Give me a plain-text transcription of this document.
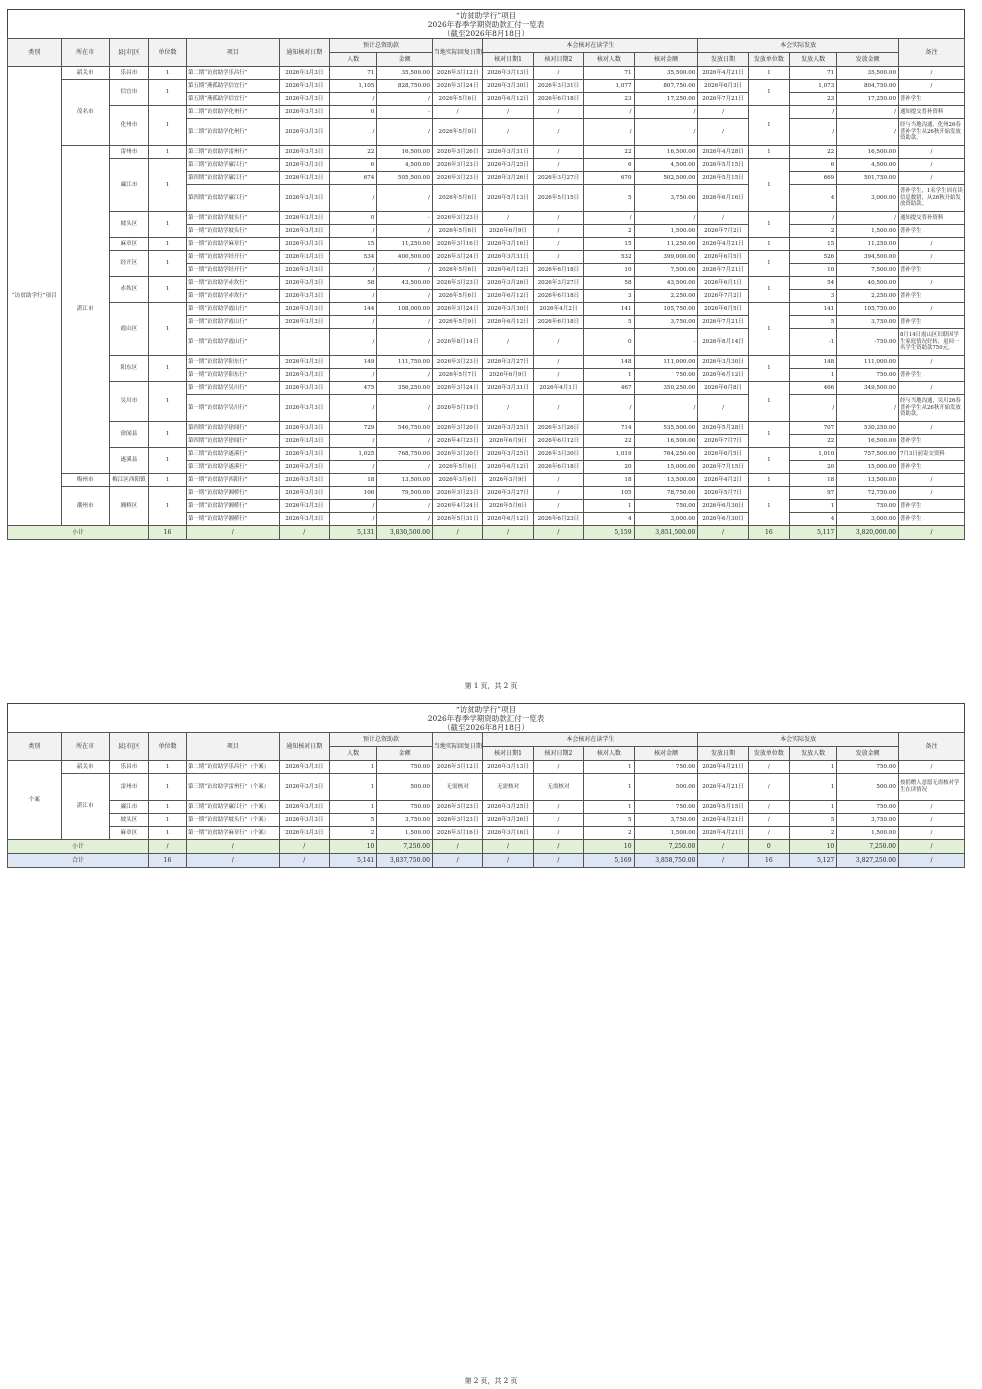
“访贫助学行”项目
2026年春季学期资助款汇付一览表
（截至2026年8月18日）
类别	所在市	县|市|区	单位数	项目	通知核对日期	预计总资助款		当地实际回复日期	本会核对在读学生				本会实际发放				备注
						人数	金额		核对日期1	核对日期2	核对人数	核对金额	发放日期	发放单位数	发放人数	发放金额	
“访贫助学行”项目	韶关市	乐昌市	1	第二期“访贫助学乐昌行”	2026年3月3日	71	35,500.00	2026年3月12日	2026年3月13日	/	71	35,500.00	2026年4月21日	1	71	35,500.00	/
	茂名市	信宜市	1	第五期“燕孤助学信宜行”	2026年3月3日	1,105	828,750.00	2026年3月24日	2026年3月30日	2026年3月31日	1,077	807,750.00	2026年6月3日	1	1,073	804,750.00	/
				第五期“燕孤助学信宜行”	2026年3月3日	/	/	2026年5月6日	2026年6月12日	2026年6月18日	23	17,250.00	2026年7月21日		23	17,250.00	普补学生
		化州市	1	第二期“访贫助学化州行”	2026年3月3日	0	-	/	/	/	/	/	/	1	/	/	通知提交普补资料
				第二期“访贫助学化州行”	2026年3月3日	/	/	2026年5月9日	/	/	/	/	/		/	/	经与当地沟通，化州26春普补学生从26秋开始发放资助款。
	湛江市	雷州市	1	第三期“访贫助学雷州行”	2026年3月3日	22	16,500.00	2026年3月26日	2026年3月31日	/	22	16,500.00	2026年4月28日	1	22	16,500.00	/
		廉江市	1	第三期“访贫助学廉江行”	2026年3月3日	6	4,500.00	2026年3月23日	2026年3月25日	/	6	4,500.00	2026年5月15日	1	6	4,500.00	/
				第四期“访贫助学廉江行”	2026年3月3日	674	505,500.00	2026年3月23日	2026年3月26日	2026年3月27日	670	502,500.00	2026年5月15日		669	501,750.00	/
				第四期“访贫助学廉江行”	2026年3月3日	/	/	2026年5月6日	2026年5月13日	2026年5月15日	5	3,750.00	2026年6月16日		4	3,000.00	普补学生，1名学生因在读信息数错，从26秋开始发放资助款。
		坡头区	1	第一期“访贫助学坡头行”	2026年3月3日	0	-	2026年3月23日	/	/	/	/	/	1	/	/	通知提交普补资料
				第一期“访贫助学坡头行”	2026年3月3日	/	/	2026年5月6日	2026年6月9日	/	2	1,500.00	2026年7月2日		2	1,500.00	普补学生
		麻章区	1	第一期“访贫助学麻章行”	2026年3月3日	15	11,250.00	2026年3月16日	2026年3月16日	/	15	11,250.00	2026年4月21日	1	15	11,250.00	/
		经开区	1	第一期“访贫助学经开行”	2026年3月3日	534	400,500.00	2026年3月24日	2026年3月31日	/	532	399,000.00	2026年6月5日	1	526	394,500.00	/
				第一期“访贫助学经开行”	2026年3月3日	/	/	2026年5月6日	2026年6月12日	2026年6月18日	10	7,500.00	2026年7月21日		10	7,500.00	普补学生
		赤坎区	1	第一期“访贫助学赤坎行”	2026年3月3日	58	43,500.00	2026年3月23日	2026年3月26日	2026年3月27日	58	43,500.00	2026年6月1日	1	54	40,500.00	/
				第一期“访贫助学赤坎行”	2026年3月3日	/	/	2026年5月6日	2026年6月12日	2026年6月18日	3	2,250.00	2026年7月2日		3	2,250.00	普补学生
		霞山区	1	第一期“访贫助学霞山行”	2026年3月3日	144	108,000.00	2026年3月24日	2026年3月30日	2026年4月2日	141	105,750.00	2026年6月5日	1	141	105,750.00	/
				第一期“访贫助学霞山行”	2026年3月3日	/	/	2026年5月9日	2026年6月12日	2026年6月18日	5	3,750.00	2026年7月21日		5	3,750.00	普补学生
				第一期“访贫助学霞山行”		/	/	2026年8月14日	/	/	0	-	2026年8月14日		-1	-750.00	8月14日霞山区妇联因学生家庭情况好转，退回一名学生资助款750元。
		阳东区	1	第一期“访贫助学阳东行”	2026年3月3日	149	111,750.00	2026年3月23日	2026年3月27日	/	148	111,000.00	2026年3月30日	1	148	111,000.00	/
				第一期“访贫助学阳东行”	2026年3月3日	/	/	2026年5月7日	2026年6月9日	/	1	750.00	2026年6月12日		1	750.00	普补学生
		吴川市	1	第一期“访贫助学吴川行”	2026年3月3日	475	356,250.00	2026年3月24日	2026年3月31日	2026年4月1日	467	350,250.00	2026年6月8日	1	466	349,500.00	/
				第一期“访贫助学吴川行”	2026年3月3日	/	/	2026年5月19日	/	/	/	/	/		/	/	经与当地沟通，吴川26春普补学生从26秋开始发放资助款。
		徐闻县	1	第四期“访贫助学徐闻行”	2026年3月3日	729	546,750.00	2026年3月20日	2026年3月25日	2026年3月26日	714	535,500.00	2026年5月28日	1	707	530,250.00	/
				第四期“访贫助学徐闻行”	2026年3月3日	/	/	2026年4月23日	2026年6月9日	2026年6月12日	22	16,500.00	2026年7月7日		22	16,500.00	普补学生
		遂溪县	1	第三期“访贫助学遂溪行”	2026年3月3日	1,025	768,750.00	2026年3月20日	2026年3月25日	2026年3月30日	1,019	764,250.00	2026年6月5日	1	1,010	757,500.00	7月3日前寄交资料
				第三期“访贫助学遂溪行”	2026年3月3日	/	/	2026年5月6日	2026年6月12日	2026年6月18日	20	15,000.00	2026年7月15日		20	15,000.00	普补学生
	梅州市	梅江区西阳镇	1	第一期“访贫助学西阳行”	2026年3月3日	18	13,500.00	2026年3月6日	2026年3月9日	/	18	13,500.00	2026年4月2日	1	18	13,500.00	/
	潮州市	湘桥区	1	第一期“访贫助学湘桥行”	2026年3月3日	106	79,500.00	2026年3月23日	2026年3月27日	/	105	78,750.00	2026年5月7日	1	97	72,750.00	/
				第一期“访贫助学湘桥行”	2026年3月3日	/	/	2026年4月24日	2026年5月6日	/	1	750.00	2026年6月30日		1	750.00	普补学生
				第一期“访贫助学湘桥行”	2026年3月3日	/	/	2026年5月31日	2026年6月12日	2026年6月23日	4	3,000.00	2026年6月30日		4	3,000.00	普补学生
小计			16	/	/	5,131	3,830,500.00	/	/	/	5,159	3,851,500.00	/	16	5,117	3,820,000.00	/
第 1 页，共 2 页
“访贫助学行”项目
2026年春季学期资助款汇付一览表
（截至2026年8月18日）
类别	所在市	县|市|区	单位数	项目	通知核对日期	预计总资助款		当地实际回复日期	本会核对在读学生				本会实际发放				备注
						人数	金额		核对日期1	核对日期2	核对人数	核对金额	发放日期	发放单位数	发放人数	发放金额	
个案	韶关市	乐昌市	1	第二期“访贫助学乐昌行”（个案）	2026年3月3日	1	750.00	2026年3月12日	2026年3月13日	/	1	750.00	2026年4月21日	/	1	750.00	/
	湛江市	雷州市	1	第三期“访贫助学雷州行”（个案）	2026年3月3日	1	500.00	无需核对	无需核对	无需核对	1	500.00	2026年4月21日	/	1	500.00	按捐赠人意愿无需核对学生在读情况
		廉江市	1	第三期“访贫助学廉江行”（个案）	2026年3月3日	1	750.00	2026年3月23日	2026年3月25日	/	1	750.00	2026年5月15日	/	1	750.00	/
		坡头区	1	第一期“访贫助学坡头行”（个案）	2026年3月3日	5	3,750.00	2026年3月23日	2026年3月26日	/	5	3,750.00	2026年4月21日	/	5	3,750.00	/
		麻章区	1	第一期“访贫助学麻章行”（个案）	2026年3月3日	2	1,500.00	2026年3月16日	2026年3月16日	/	2	1,500.00	2026年4月21日	/	2	1,500.00	/
小计			/	/	/	10	7,250.00	/	/	/	10	7,250.00	/	0	10	7,250.00	/
合计			16	/	/	5,141	3,837,750.00	/	/	/	5,169	3,858,750.00	/	16	5,127	3,827,250.00	/
第 2 页，共 2 页
